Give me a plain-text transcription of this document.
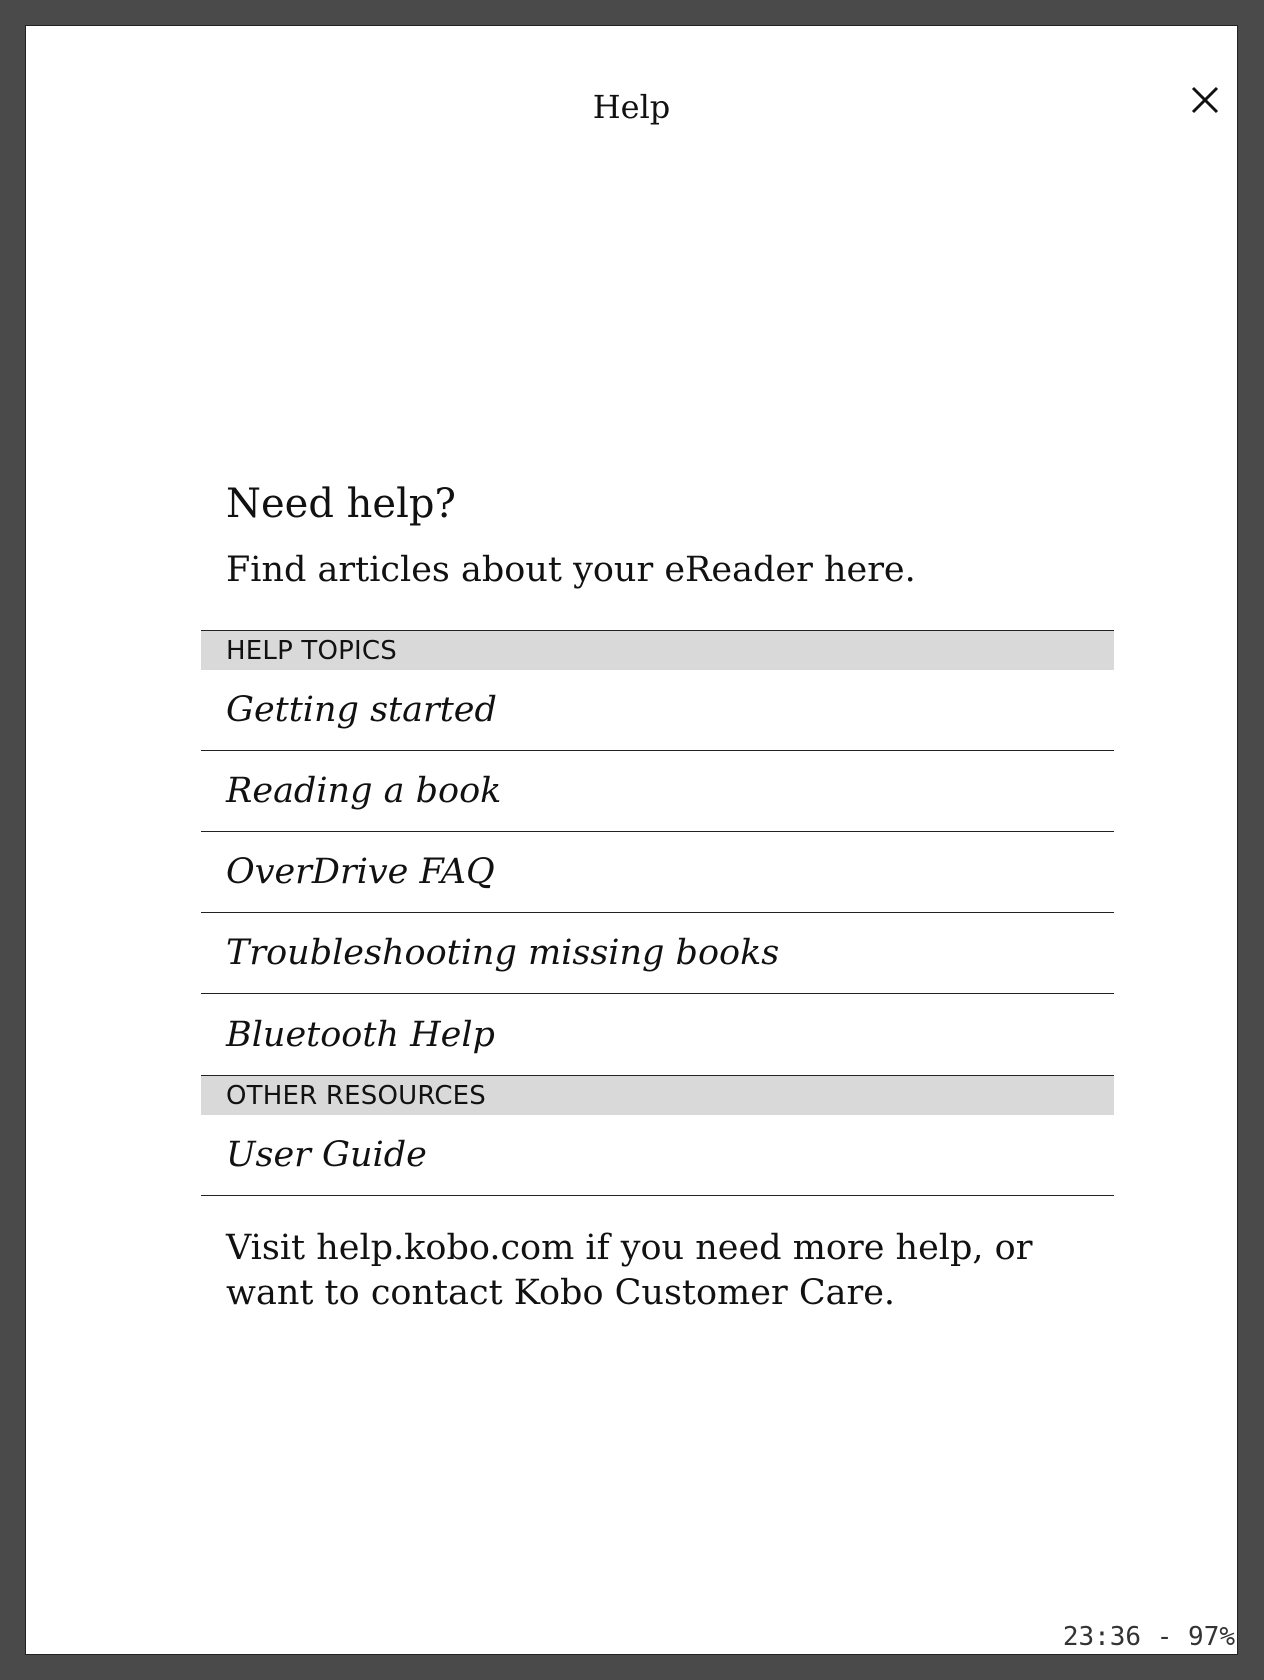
Help
Need help?
Find articles about your eReader here.
HELP TOPICS
Getting started
Reading a book
OverDrive FAQ
Troubleshooting missing books
Bluetooth Help
OTHER RESOURCES
User Guide
Visit help.kobo.com if you need more help, or want to contact Kobo Customer Care.
23:36 - 97%
